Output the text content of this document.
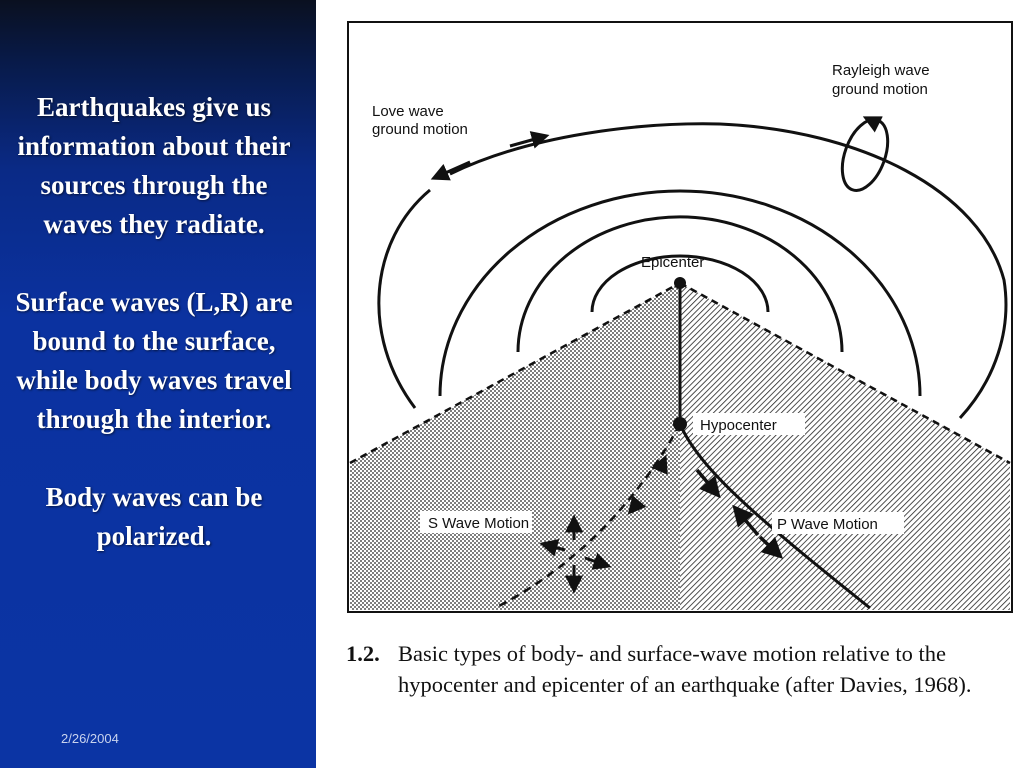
Earthquakes give us information about their sources through the waves they radiate.

Surface waves (L,R) are bound to the surface, while body waves travel through the interior.

Body waves can be polarized.

2/26/2004
Love wave
ground motion
Rayleigh wave
ground motion
Epicenter
Hypocenter
S Wave Motion	P Wave Motion
1.2. Basic types of body- and surface-wave motion relative to the hypocenter and epicenter of an earthquake (after Davies, 1968).
